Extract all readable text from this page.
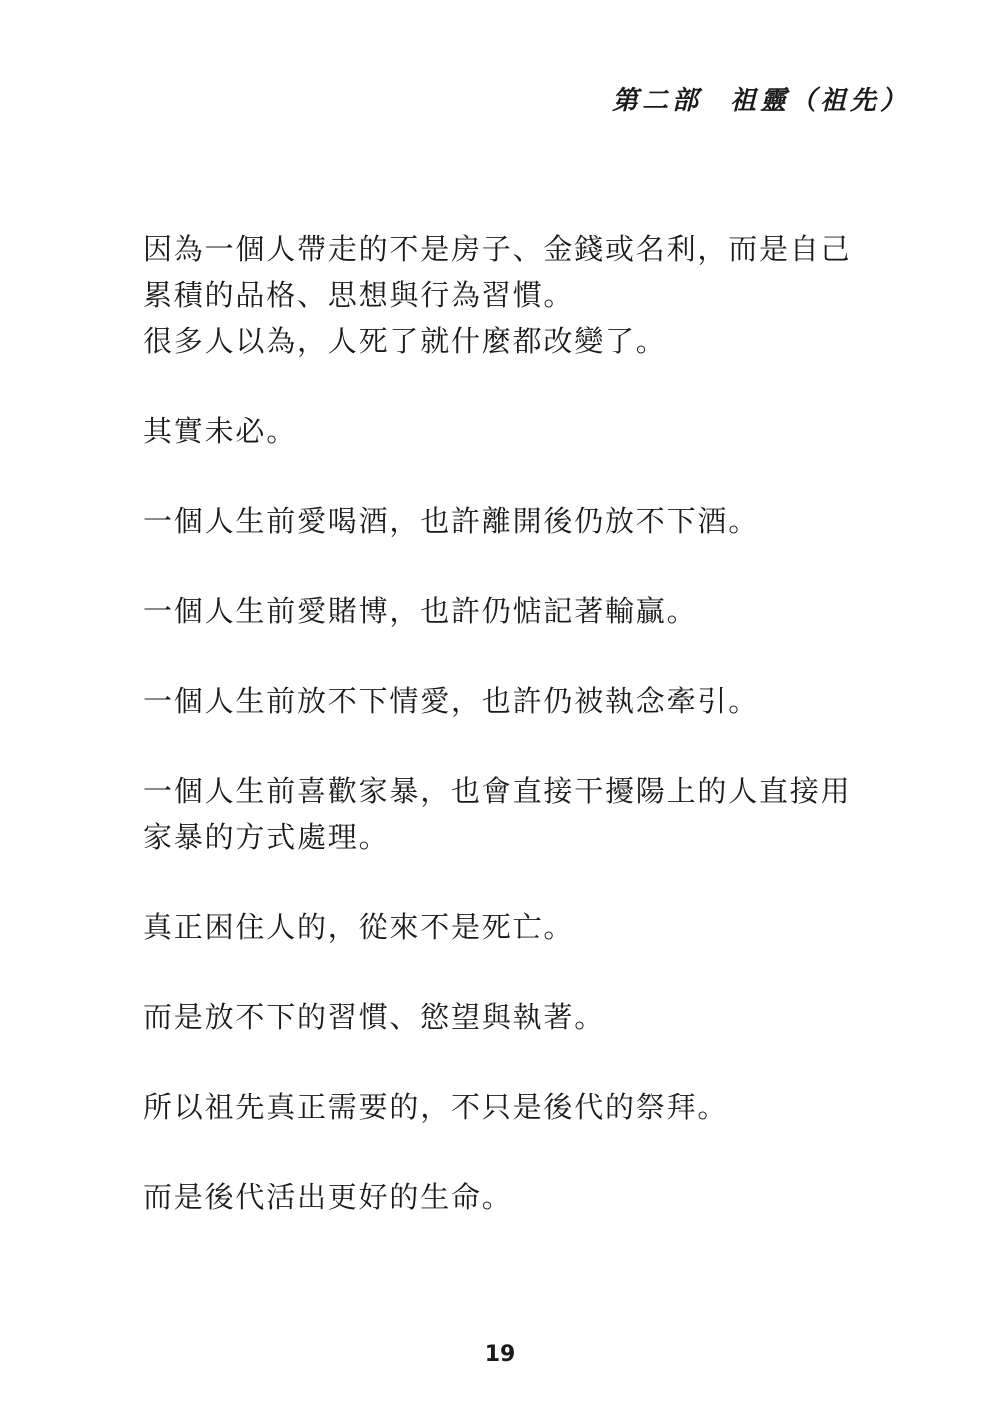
第二部 祖靈（祖先）

因為一個人帶走的不是房子、金錢或名利，而是自己
累積的品格、思想與行為習慣。
很多人以為，人死了就什麼都改變了。

其實未必。

一個人生前愛喝酒，也許離開後仍放不下酒。

一個人生前愛賭博，也許仍惦記著輸贏。

一個人生前放不下情愛，也許仍被執念牽引。

一個人生前喜歡家暴，也會直接干擾陽上的人直接用
家暴的方式處理。

真正困住人的，從來不是死亡。

而是放不下的習慣、慾望與執著。

所以祖先真正需要的，不只是後代的祭拜。

而是後代活出更好的生命。

19
